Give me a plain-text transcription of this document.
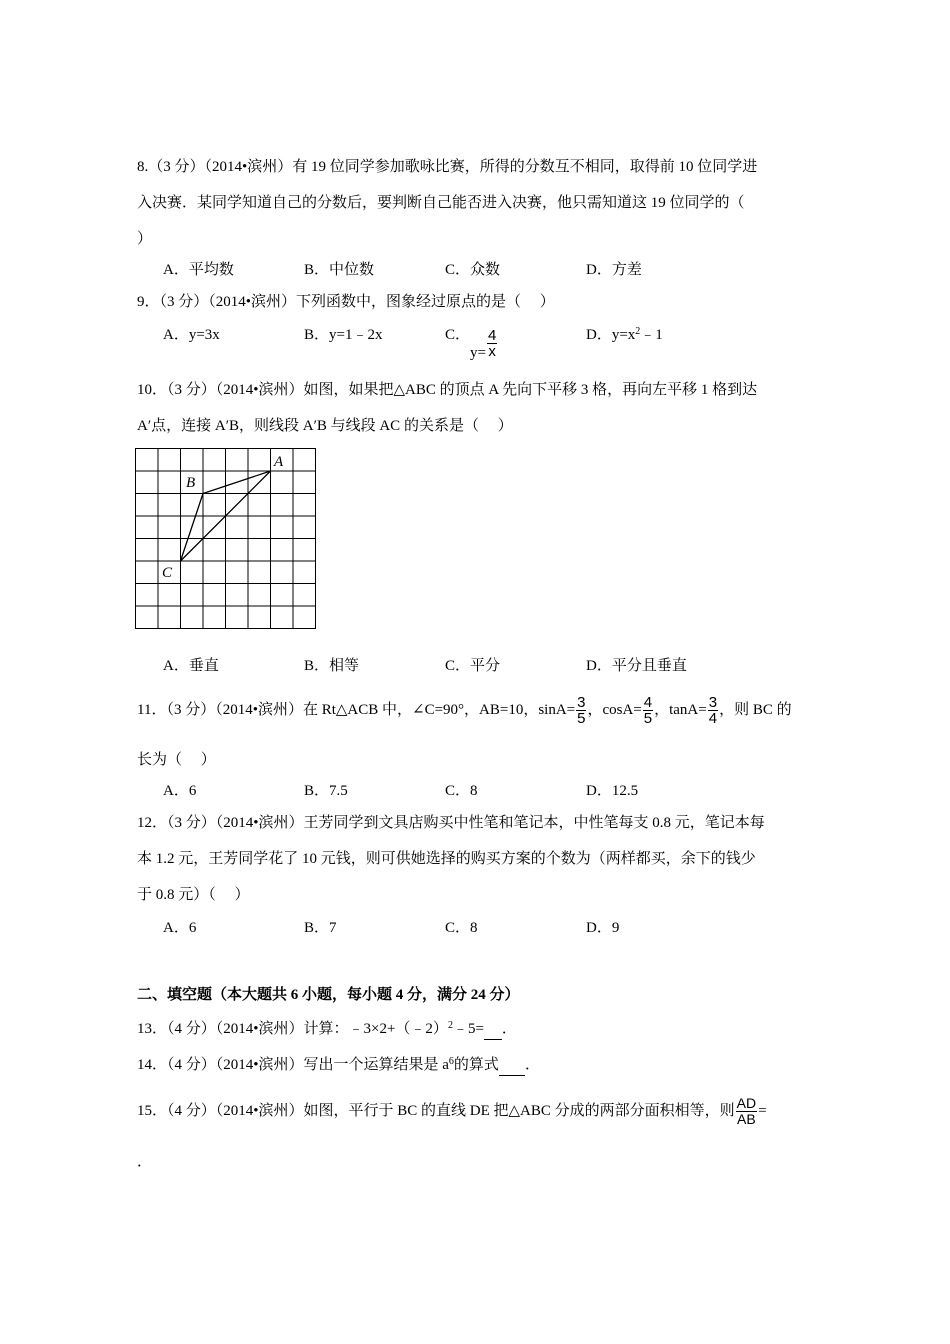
8.（3 分）（2014•滨州）有 19 位同学参加歌咏比赛，所得的分数互不相同，取得前 10 位同学进
入决赛．某同学知道自己的分数后，要判断自己能否进入决赛，他只需知道这 19 位同学的（
）
A．平均数	B．中位数	C．众数	D．方差
9．（3 分）（2014•滨州）下列函数中，图象经过原点的是（　 ）
A．y=3x	B．y=1﹣2x	C．
$y= \frac{4}{x}$	D．$y=x^2﹣1$
10．（3 分）（2014•滨州）如图，如果把△ABC 的顶点 A 先向下平移 3 格，再向左平移 1 格到达
A′点，连接 A′B，则线段 A′B 与线段 AC 的关系是（　 ）
A
B
C
A．垂直	B．相等	C．平分	D．平分且垂直
11．（3 分）（2014•滨州）在 Rt△ACB 中，∠C=90°，AB=10，$\sin A= \frac{3}{5}$ ，$\cos A= \frac{4}{5}$ ，$\tan A= \frac{3}{4}$ ，则 BC 的
长为（　 ）
A．6	B．7.5	C．8	D．12.5
12．（3 分）（2014•滨州）王芳同学到文具店购买中性笔和笔记本，中性笔每支 0.8 元，笔记本每
本 1.2 元，王芳同学花了 10 元钱，则可供她选择的购买方案的个数为（两样都买，余下的钱少
于 0.8 元）（　 ）
A．6	B．7	C．8	D．9
二、填空题（本大题共 6 小题，每小题 4 分，满分 24 分）
13．（4 分）（2014•滨州）计算：﹣3×2+（﹣2）$^2$﹣5= ．
14．（4 分）（2014•滨州）写出一个运算结果是 $a^6$的算式 ．
15．（4 分）（2014•滨州）如图，平行于 BC 的直线 DE 把△ABC 分成的两部分面积相等，则 $\frac{AD}{AB}$ =
．
